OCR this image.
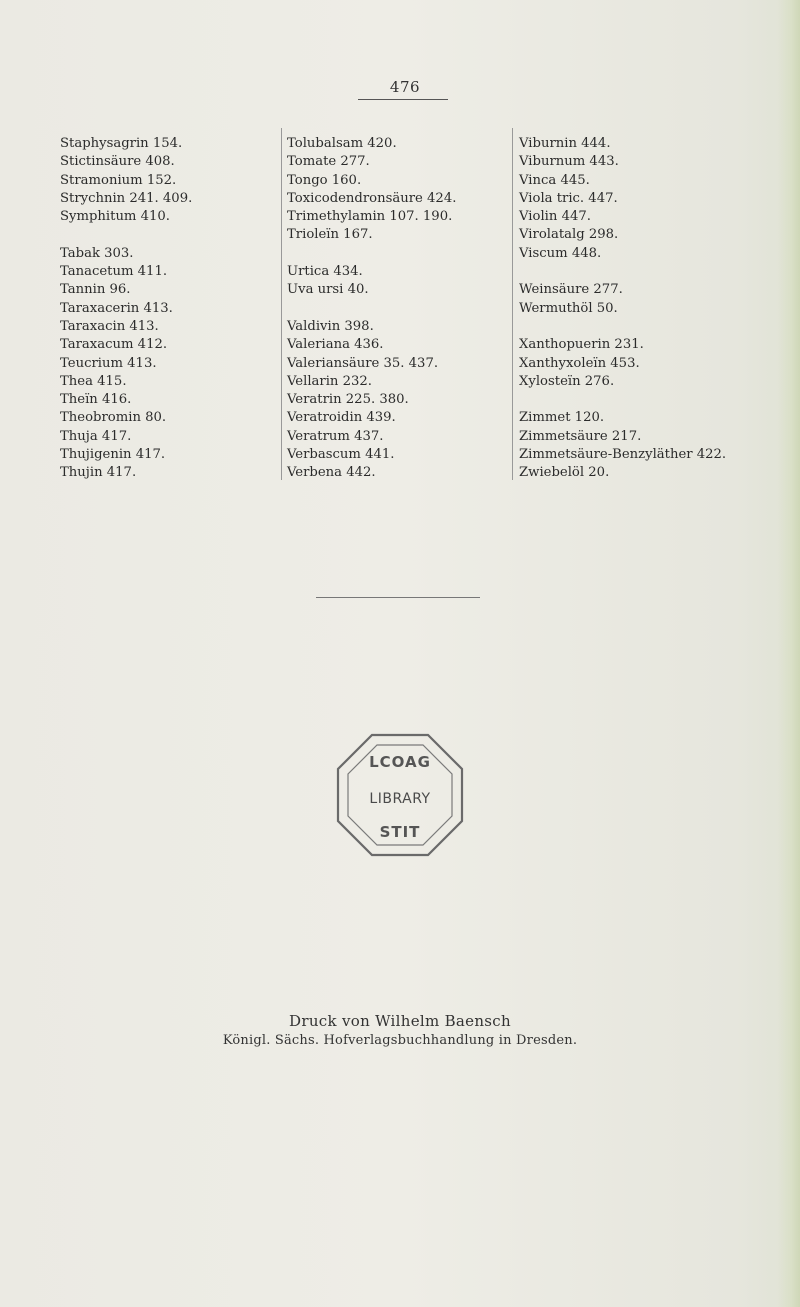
476
Staphysagrin 154.
Stictinsäure 408.
Stramonium 152.
Strychnin 241. 409.
Symphitum 410.
Tabak 303.
Tanacetum 411.
Tannin 96.
Taraxacerin 413.
Taraxacin 413.
Taraxacum 412.
Teucrium 413.
Thea 415.
Theïn 416.
Theobromin 80.
Thuja 417.
Thujigenin 417.
Thujin 417.
Tolubalsam 420.
Tomate 277.
Tongo 160.
Toxicodendronsäure 424.
Trimethylamin 107. 190.
Trioleïn 167.
Urtica 434.
Uva ursi 40.
Valdivin 398.
Valeriana 436.
Valeriansäure 35. 437.
Vellarin 232.
Veratrin 225. 380.
Veratroidin 439.
Veratrum 437.
Verbascum 441.
Verbena 442.
Viburnin 444.
Viburnum 443.
Vinca 445.
Viola tric. 447.
Violin 447.
Virolatalg 298.
Viscum 448.
Weinsäure 277.
Wermuthöl 50.
Xanthopuerin 231.
Xanthyxoleïn 453.
Xylosteïn 276.
Zimmet 120.
Zimmetsäure 217.
Zimmetsäure-Benzyläther 422.
Zwiebelöl 20.
LCOAG
LIBRARY
STIT
Druck von Wilhelm Baensch
Königl. Sächs. Hofverlagsbuchhandlung in Dresden.
